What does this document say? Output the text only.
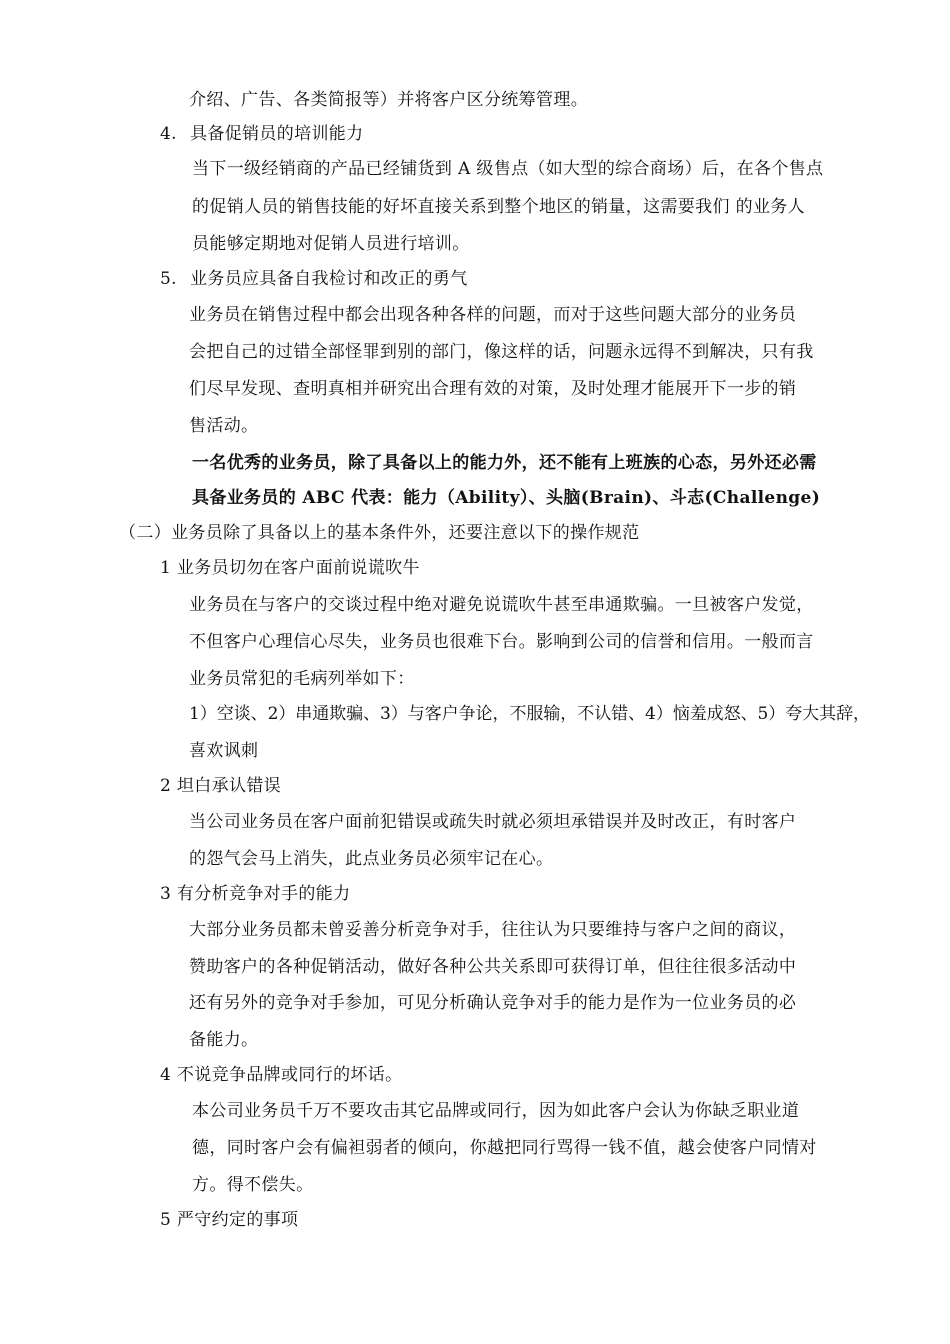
介绍、广告、各类简报等）并将客户区分统筹管理。

4. 具备促销员的培训能力

当下一级经销商的产品已经铺货到 A 级售点（如大型的综合商场）后，在各个售点

的促销人员的销售技能的好坏直接关系到整个地区的销量，这需要我们 的业务人

员能够定期地对促销人员进行培训。

5. 业务员应具备自我检讨和改正的勇气

业务员在销售过程中都会出现各种各样的问题，而对于这些问题大部分的业务员

会把自己的过错全部怪罪到别的部门，像这样的话，问题永远得不到解决，只有我

们尽早发现、查明真相并研究出合理有效的对策，及时处理才能展开下一步的销

售活动。

一名优秀的业务员，除了具备以上的能力外，还不能有上班族的心态，另外还必需

具备业务员的 ABC 代表：能力（Ability）、头脑(Brain)、斗志(Challenge)

（二）业务员除了具备以上的基本条件外，还要注意以下的操作规范

1 业务员切勿在客户面前说谎吹牛

业务员在与客户的交谈过程中绝对避免说谎吹牛甚至串通欺骗。一旦被客户发觉，

不但客户心理信心尽失，业务员也很难下台。影响到公司的信誉和信用。一般而言

业务员常犯的毛病列举如下：

1）空谈、2）串通欺骗、3）与客户争论，不服输，不认错、4）恼羞成怒、5）夸大其辞，

喜欢讽刺

2 坦白承认错误

当公司业务员在客户面前犯错误或疏失时就必须坦承错误并及时改正，有时客户

的怨气会马上消失，此点业务员必须牢记在心。

3 有分析竞争对手的能力

大部分业务员都未曾妥善分析竞争对手，往往认为只要维持与客户之间的商议，

赞助客户的各种促销活动，做好各种公共关系即可获得订单，但往往很多活动中

还有另外的竞争对手参加，可见分析确认竞争对手的能力是作为一位业务员的必

备能力。

4 不说竞争品牌或同行的坏话。

本公司业务员千万不要攻击其它品牌或同行，因为如此客户会认为你缺乏职业道

德，同时客户会有偏袒弱者的倾向，你越把同行骂得一钱不值，越会使客户同情对

方。得不偿失。

5 严守约定的事项
